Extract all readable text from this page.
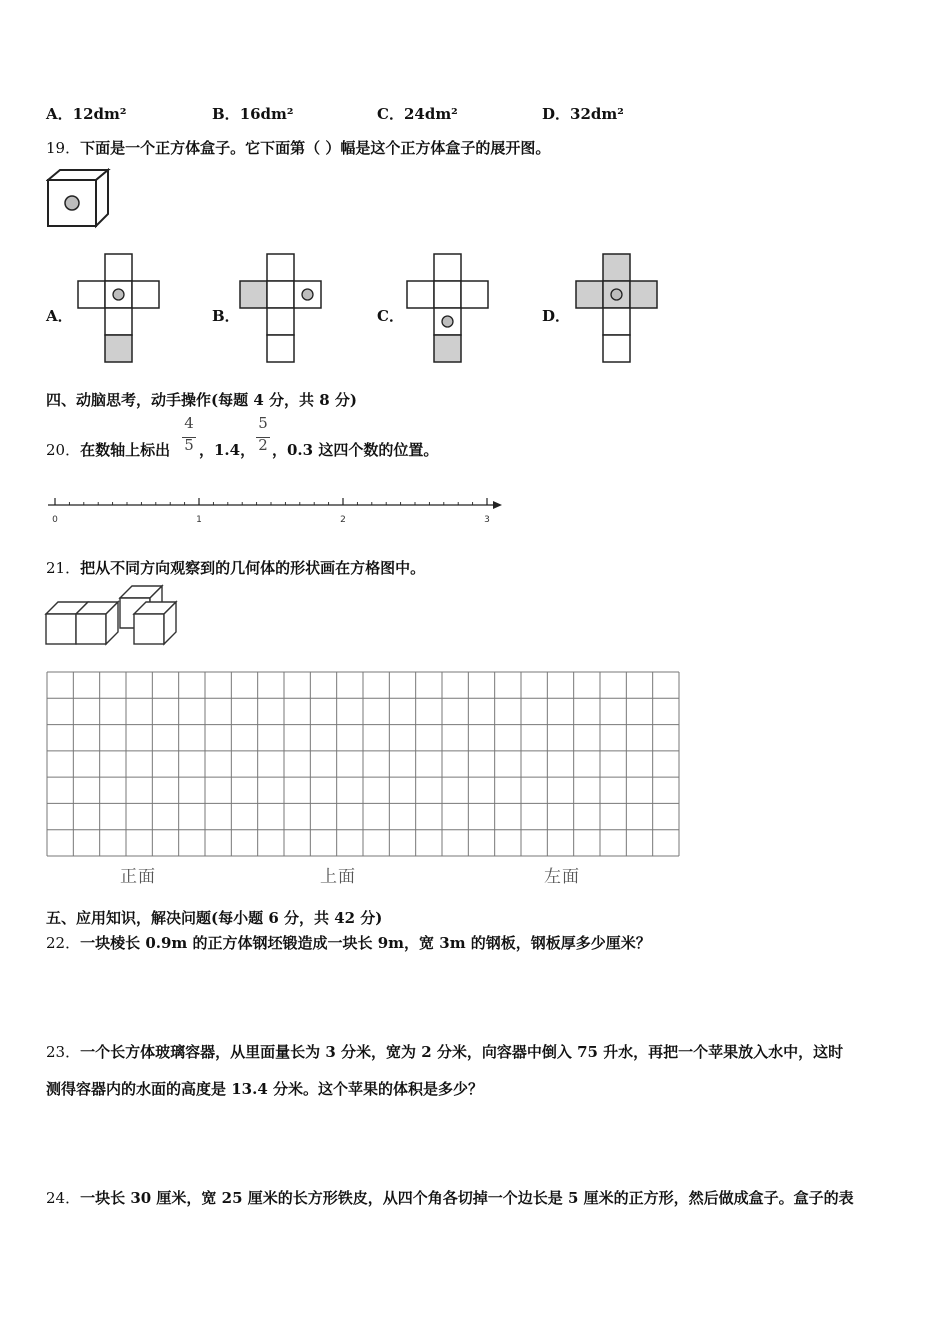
A．12dm²	B．16dm²	C．24dm²	D．32dm²
19．下面是一个正方体盒子。它下面第（ ）幅是这个正方体盒子的展开图。
A．	B．	C．	D．
四、动脑思考，动手操作(每题 4 分，共 8 分)
20．在数轴上标出
4
5 ，1.4，
5
2 ，0.3 这四个数的位置。
0	1	2	3
21．把从不同方向观察到的几何体的形状画在方格图中。
正面	上面	左面
五、应用知识，解决问题(每小题 6 分，共 42 分)
22．一块棱长 0.9m 的正方体钢坯锻造成一块长 9m，宽 3m 的钢板，钢板厚多少厘米？
23．一个长方体玻璃容器，从里面量长为 3 分米，宽为 2 分米，向容器中倒入 75 升水，再把一个苹果放入水中，这时
测得容器内的水面的高度是 13.4 分米。这个苹果的体积是多少？
24．一块长 30 厘米，宽 25 厘米的长方形铁皮，从四个角各切掉一个边长是 5 厘米的正方形，然后做成盒子。盒子的表
